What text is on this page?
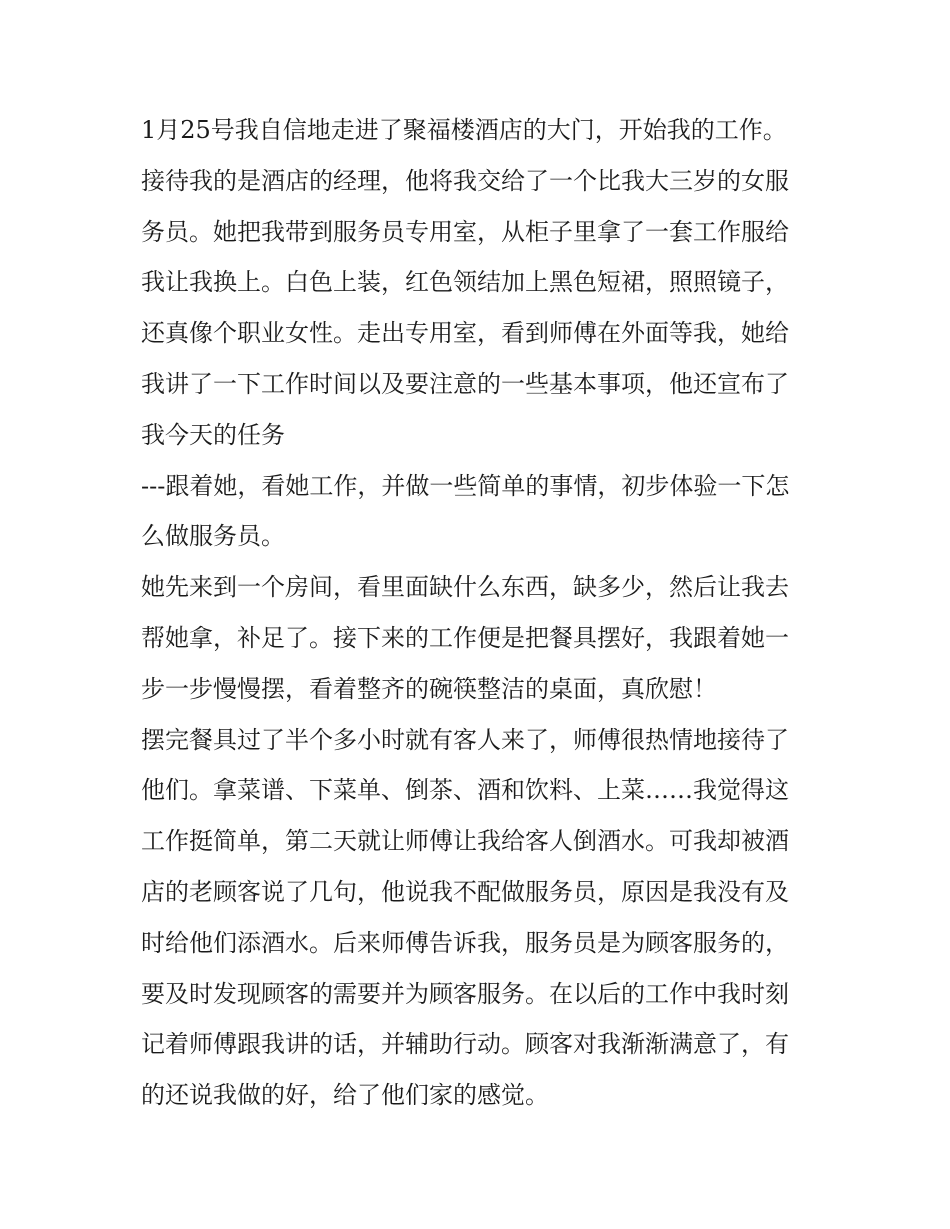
1月25号我自信地走进了聚福楼酒店的大门，开始我的工作。
接待我的是酒店的经理，他将我交给了一个比我大三岁的女服
务员。她把我带到服务员专用室，从柜子里拿了一套工作服给
我让我换上。白色上装，红色领结加上黑色短裙，照照镜子，
还真像个职业女性。走出专用室，看到师傅在外面等我，她给
我讲了一下工作时间以及要注意的一些基本事项，他还宣布了
我今天的任务
---跟着她，看她工作，并做一些简单的事情，初步体验一下怎
么做服务员。
她先来到一个房间，看里面缺什么东西，缺多少，然后让我去
帮她拿，补足了。接下来的工作便是把餐具摆好，我跟着她一
步一步慢慢摆，看着整齐的碗筷整洁的桌面，真欣慰！
摆完餐具过了半个多小时就有客人来了，师傅很热情地接待了
他们。拿菜谱、下菜单、倒茶、酒和饮料、上菜……我觉得这
工作挺简单，第二天就让师傅让我给客人倒酒水。可我却被酒
店的老顾客说了几句，他说我不配做服务员，原因是我没有及
时给他们添酒水。后来师傅告诉我，服务员是为顾客服务的，
要及时发现顾客的需要并为顾客服务。在以后的工作中我时刻
记着师傅跟我讲的话，并辅助行动。顾客对我渐渐满意了，有
的还说我做的好，给了他们家的感觉。
